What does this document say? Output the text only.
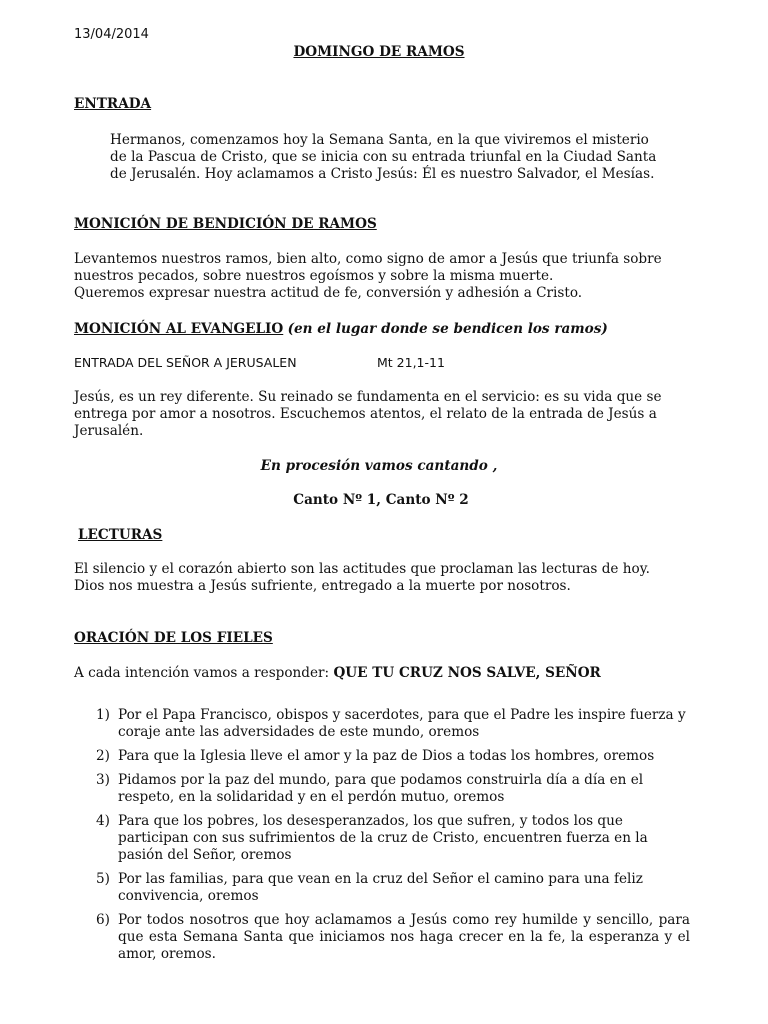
13/04/2014
DOMINGO DE RAMOS
ENTRADA

Hermanos, comenzamos hoy la Semana Santa, en la que viviremos el misterio

de la Pascua de Cristo, que se inicia con su entrada triunfal en la Ciudad Santa

de Jerusalén. Hoy aclamamos a Cristo Jesús: Él es nuestro Salvador, el Mesías.

MONICIÓN DE BENDICIÓN DE RAMOS

Levantemos nuestros ramos, bien alto, como signo de amor a Jesús que triunfa sobre

nuestros pecados, sobre nuestros egoísmos y sobre la misma muerte.

Queremos expresar nuestra actitud de fe, conversión y adhesión a Cristo.

MONICIÓN AL EVANGELIO (en el lugar donde se bendicen los ramos)
ENTRADA DEL SEÑOR A JERUSALEN	Mt 21,1-11

Jesús, es un rey diferente. Su reinado se fundamenta en el servicio: es su vida que se

entrega por amor a nosotros. Escuchemos atentos, el relato de la entrada de Jesús a

Jerusalén.

En procesión vamos cantando ,
Canto Nº 1, Canto Nº 2
LECTURAS

El silencio y el corazón abierto son las actitudes que proclaman las lecturas de hoy.

Dios nos muestra a Jesús sufriente, entregado a la muerte por nosotros.

ORACIÓN DE LOS FIELES
A cada intención vamos a responder: QUE TU CRUZ NOS SALVE, SEÑOR
1) Por el Papa Francisco, obispos y sacerdotes, para que el Padre les inspire fuerza y coraje ante las adversidades de este mundo, oremos
2) Para que la Iglesia lleve el amor y la paz de Dios a todas los hombres, oremos
3) Pidamos por la paz del mundo, para que podamos construirla día a día en el respeto, en la solidaridad y en el perdón mutuo, oremos
4) Para que los pobres, los desesperanzados, los que sufren, y todos los que participan con sus sufrimientos de la cruz de Cristo, encuentren fuerza en la pasión del Señor, oremos
5) Por las familias, para que vean en la cruz del Señor el camino para una feliz convivencia, oremos
6) Por todos nosotros que hoy aclamamos a Jesús como rey humilde y sencillo, para que esta Semana Santa que iniciamos nos haga crecer en la fe, la esperanza y el amor, oremos.
